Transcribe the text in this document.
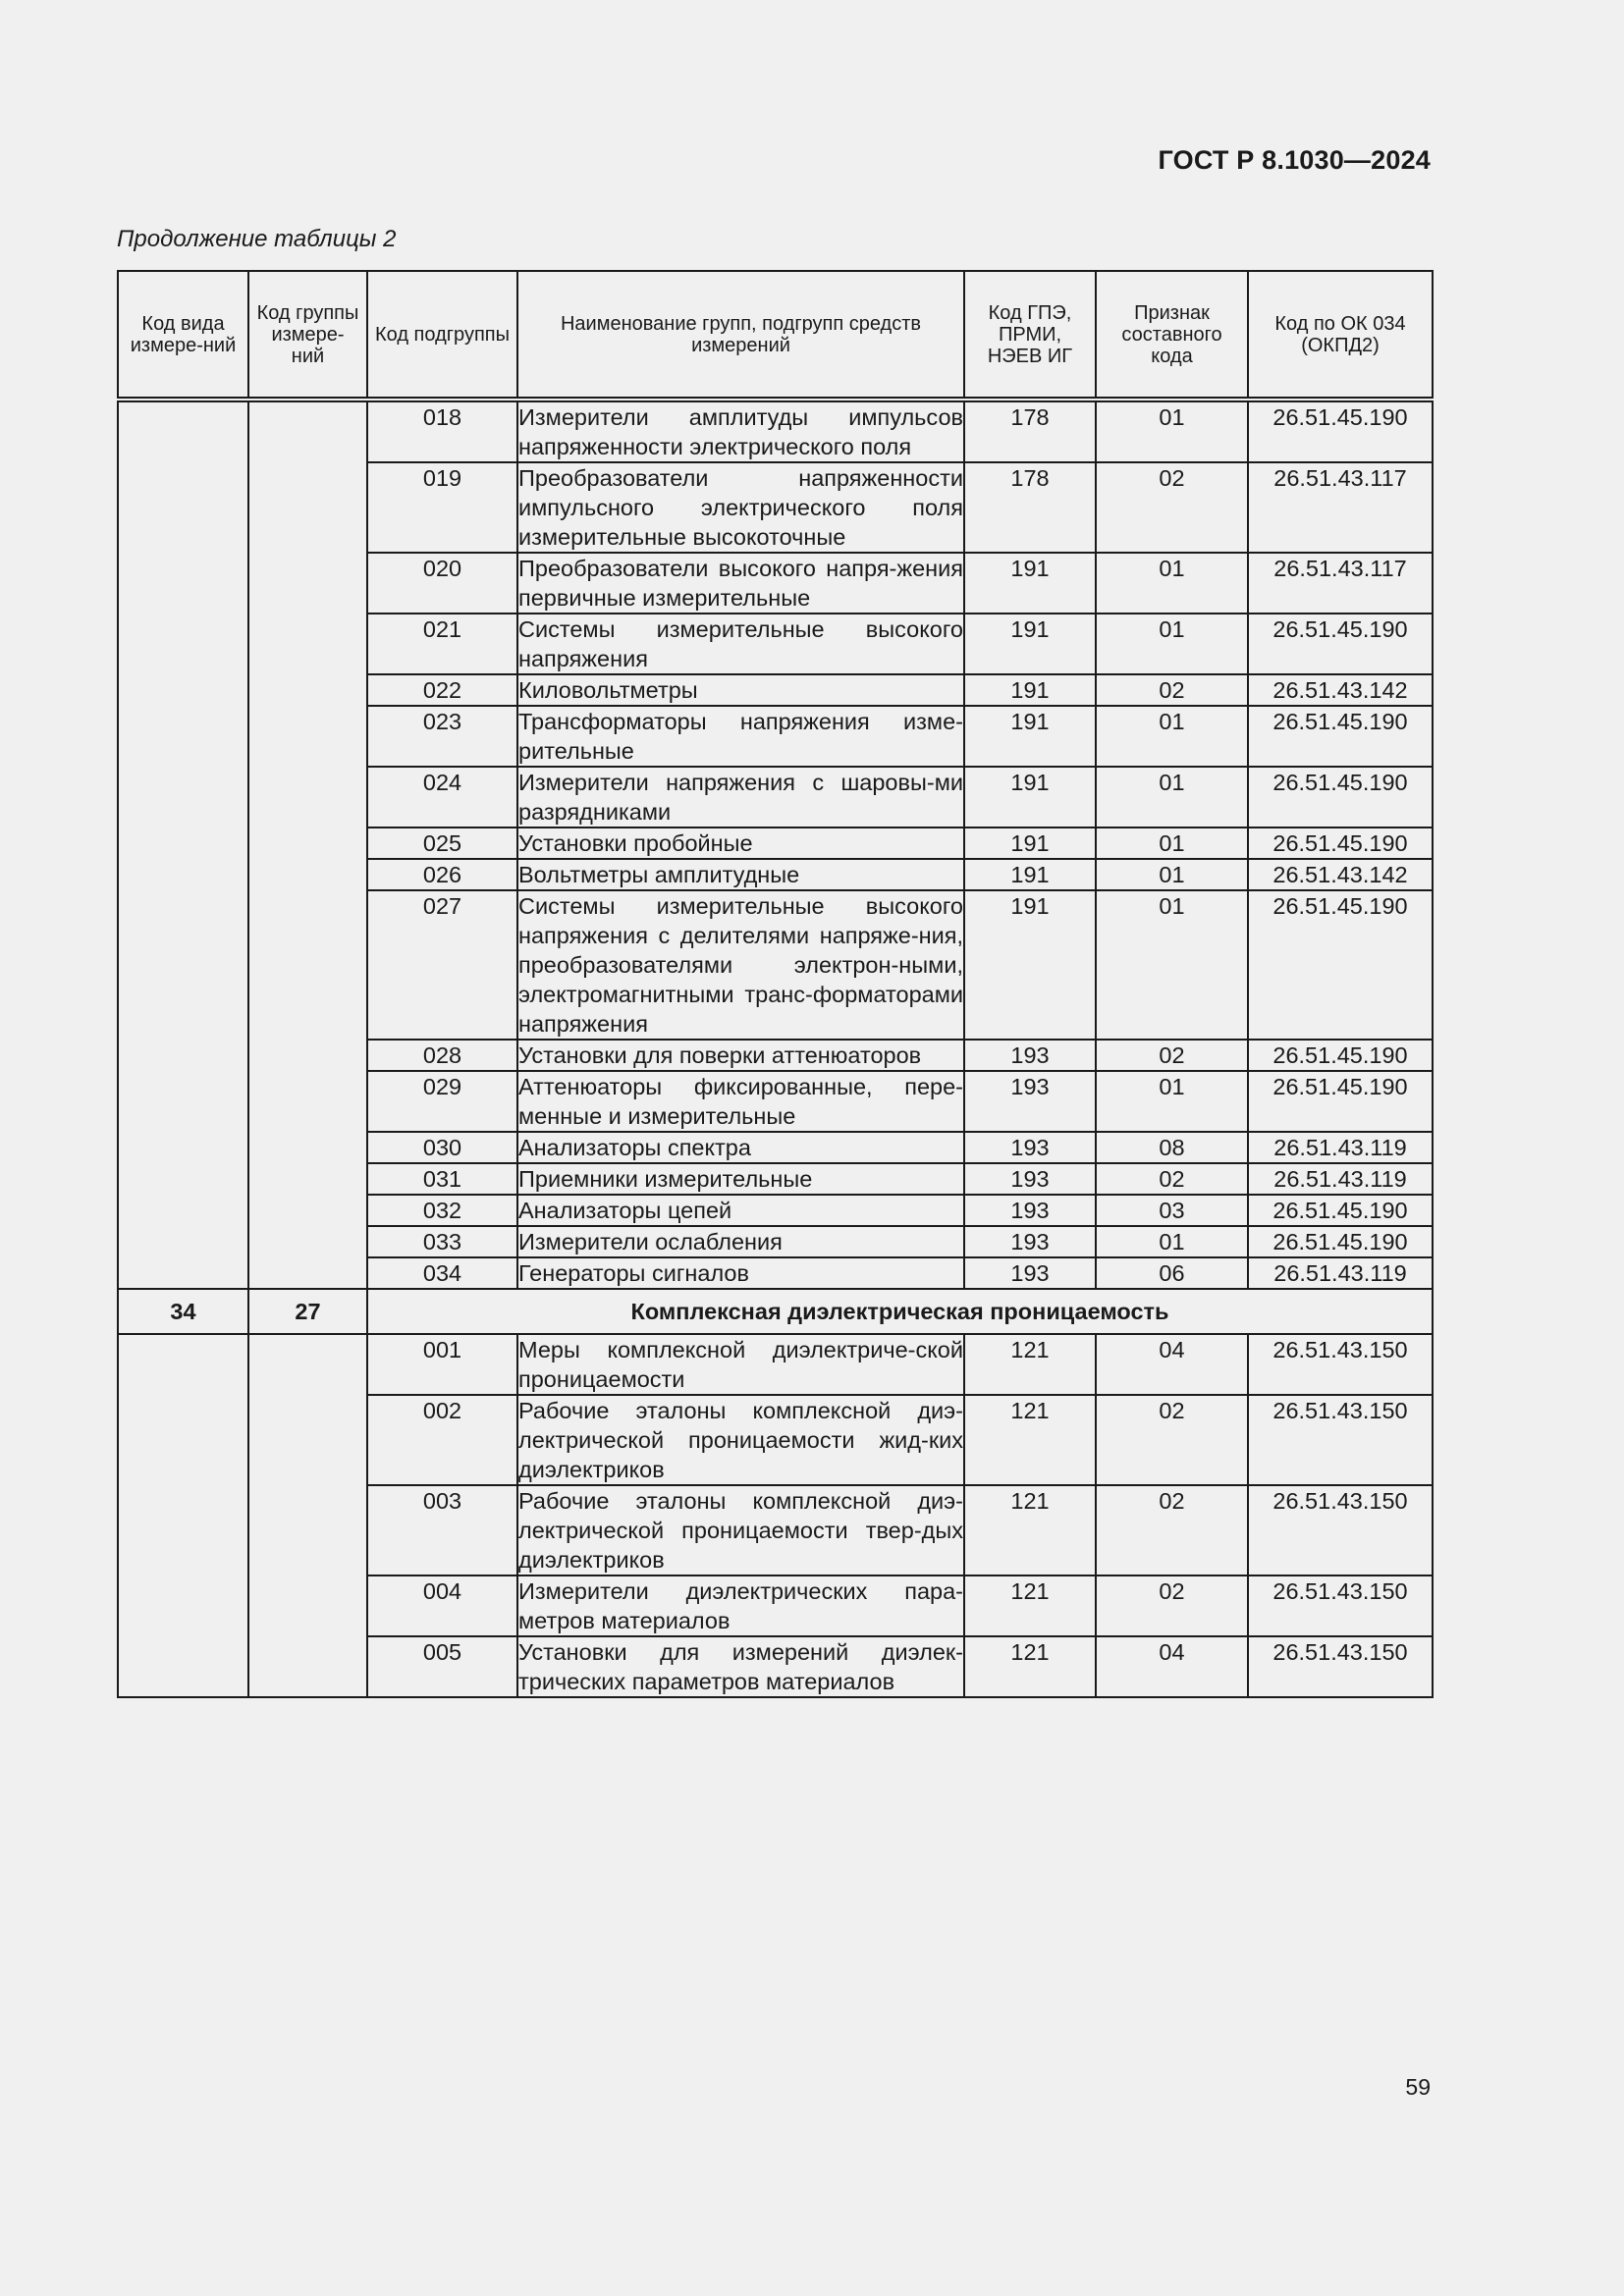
ГОСТ Р 8.1030—2024
Продолжение таблицы 2
Код вида измере-ний	Код группы измере-ний	Код подгруппы	Наименование групп, подгрупп средств измерений	Код ГПЭ, ПРМИ, НЭЕВ ИГ	Признак составного кода	Код по ОК 034 (ОКПД2)
		018	Измерители амплитуды импульсов напряженности электрического поля	178	01	26.51.45.190
		019	Преобразователи напряженности импульсного электрического поля измерительные высокоточные	178	02	26.51.43.117
		020	Преобразователи высокого напря-жения первичные измерительные	191	01	26.51.43.117
		021	Системы измерительные высокого напряжения	191	01	26.51.45.190
		022	Киловольтметры	191	02	26.51.43.142
		023	Трансформаторы напряжения изме-рительные	191	01	26.51.45.190
		024	Измерители напряжения с шаровы-ми разрядниками	191	01	26.51.45.190
		025	Установки пробойные	191	01	26.51.45.190
		026	Вольтметры амплитудные	191	01	26.51.43.142
		027	Системы измерительные высокого напряжения с делителями напряже-ния, преобразователями электрон-ными, электромагнитными транс-форматорами напряжения	191	01	26.51.45.190
		028	Установки для поверки аттенюаторов	193	02	26.51.45.190
		029	Аттенюаторы фиксированные, пере-менные и измерительные	193	01	26.51.45.190
		030	Анализаторы спектра	193	08	26.51.43.119
		031	Приемники измерительные	193	02	26.51.43.119
		032	Анализаторы цепей	193	03	26.51.45.190
		033	Измерители ослабления	193	01	26.51.45.190
		034	Генераторы сигналов	193	06	26.51.43.119
34	27	Комплексная диэлектрическая проницаемость				
		001	Меры комплексной диэлектриче-ской проницаемости	121	04	26.51.43.150
		002	Рабочие эталоны комплексной диэ-лектрической проницаемости жид-ких диэлектриков	121	02	26.51.43.150
		003	Рабочие эталоны комплексной диэ-лектрической проницаемости твер-дых диэлектриков	121	02	26.51.43.150
		004	Измерители диэлектрических пара-метров материалов	121	02	26.51.43.150
		005	Установки для измерений диэлек-трических параметров материалов	121	04	26.51.43.150
59
